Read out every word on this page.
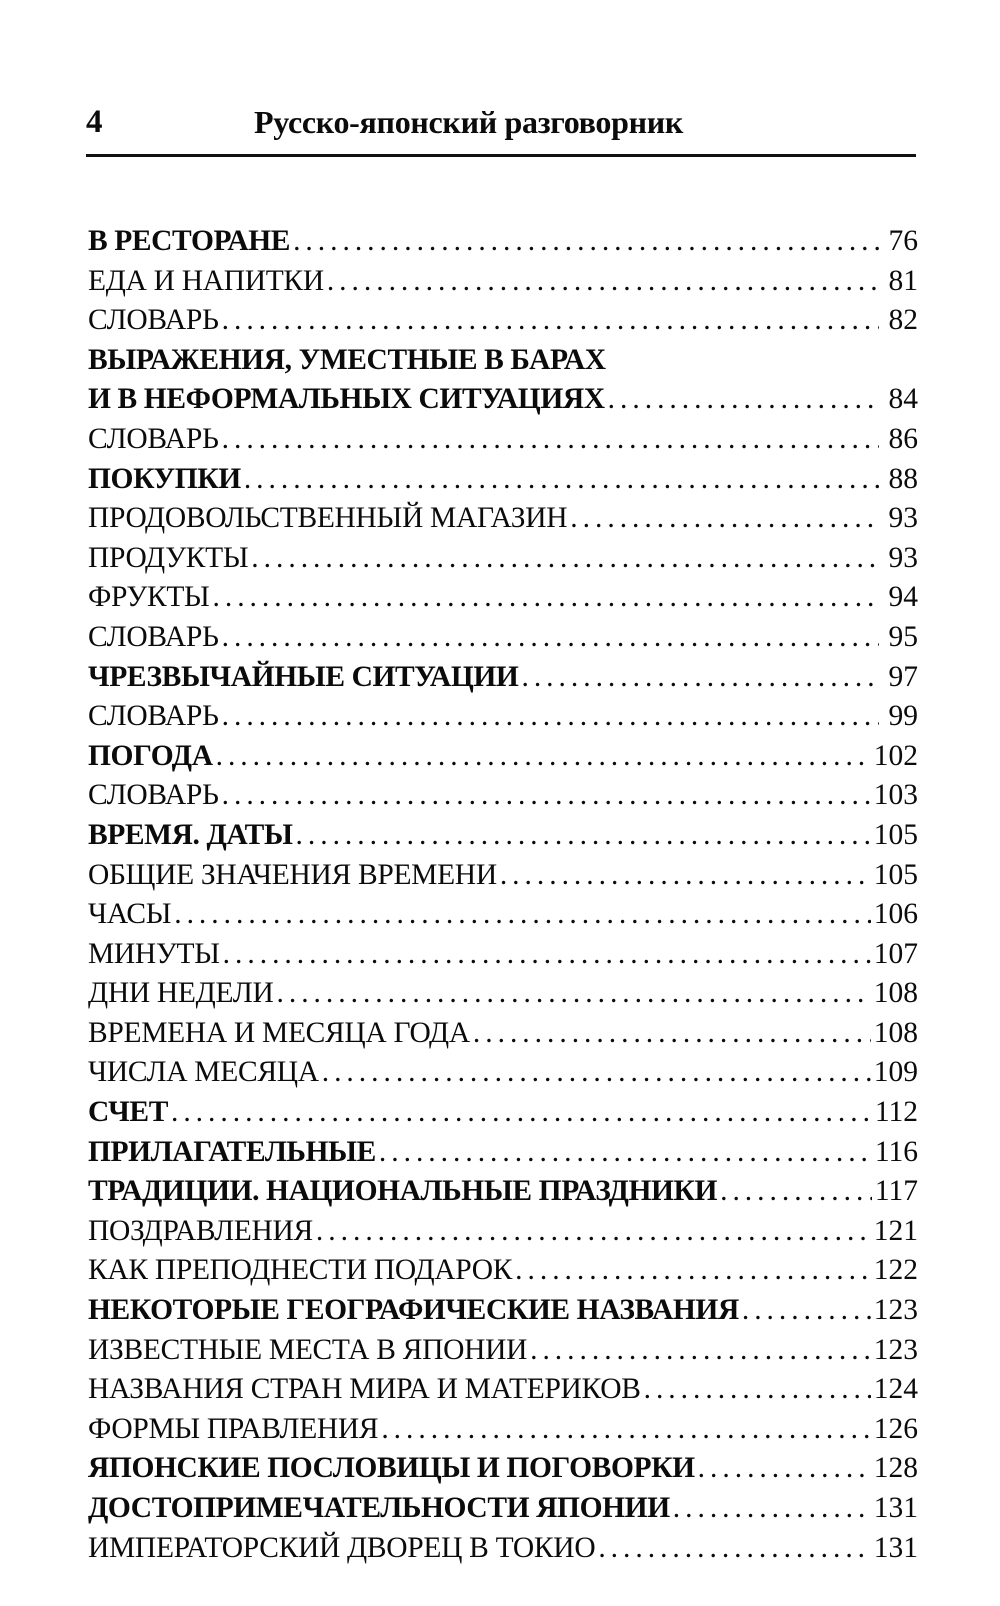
4	Русско-японский разговорник
В РЕСТОРАНЕ . . .	76
ЕДА И НАПИТКИ . . .	81
СЛОВАРЬ . . .	82
ВЫРАЖЕНИЯ, УМЕСТНЫЕ В БАРАХ
И В НЕФОРМАЛЬНЫХ СИТУАЦИЯХ . . .	84
СЛОВАРЬ . . .	86
ПОКУПКИ . . .	88
ПРОДОВОЛЬСТВЕННЫЙ МАГАЗИН . . .	93
ПРОДУКТЫ . . .	93
ФРУКТЫ . . .	94
СЛОВАРЬ . . .	95
ЧРЕЗВЫЧАЙНЫЕ СИТУАЦИИ . . .	97
СЛОВАРЬ . . .	99
ПОГОДА . . .	102
СЛОВАРЬ . . .	103
ВРЕМЯ. ДАТЫ . . .	105
ОБЩИЕ ЗНАЧЕНИЯ ВРЕМЕНИ . . .	105
ЧАСЫ . . .	106
МИНУТЫ . . .	107
ДНИ НЕДЕЛИ . . .	108
ВРЕМЕНА И МЕСЯЦА ГОДА . . .	108
ЧИСЛА МЕСЯЦА . . .	109
СЧЕТ . . .	112
ПРИЛАГАТЕЛЬНЫЕ . . .	116
ТРАДИЦИИ. НАЦИОНАЛЬНЫЕ ПРАЗДНИКИ . . .	117
ПОЗДРАВЛЕНИЯ . . .	121
КАК ПРЕПОДНЕСТИ ПОДАРОК . . .	122
НЕКОТОРЫЕ ГЕОГРАФИЧЕСКИЕ НАЗВАНИЯ . . .	123
ИЗВЕСТНЫЕ МЕСТА В ЯПОНИИ . . .	123
НАЗВАНИЯ СТРАН МИРА И МАТЕРИКОВ . . .	124
ФОРМЫ ПРАВЛЕНИЯ . . .	126
ЯПОНСКИЕ ПОСЛОВИЦЫ И ПОГОВОРКИ . . .	128
ДОСТОПРИМЕЧАТЕЛЬНОСТИ ЯПОНИИ . . .	131
ИМПЕРАТОРСКИЙ ДВОРЕЦ В ТОКИО . . .	131
